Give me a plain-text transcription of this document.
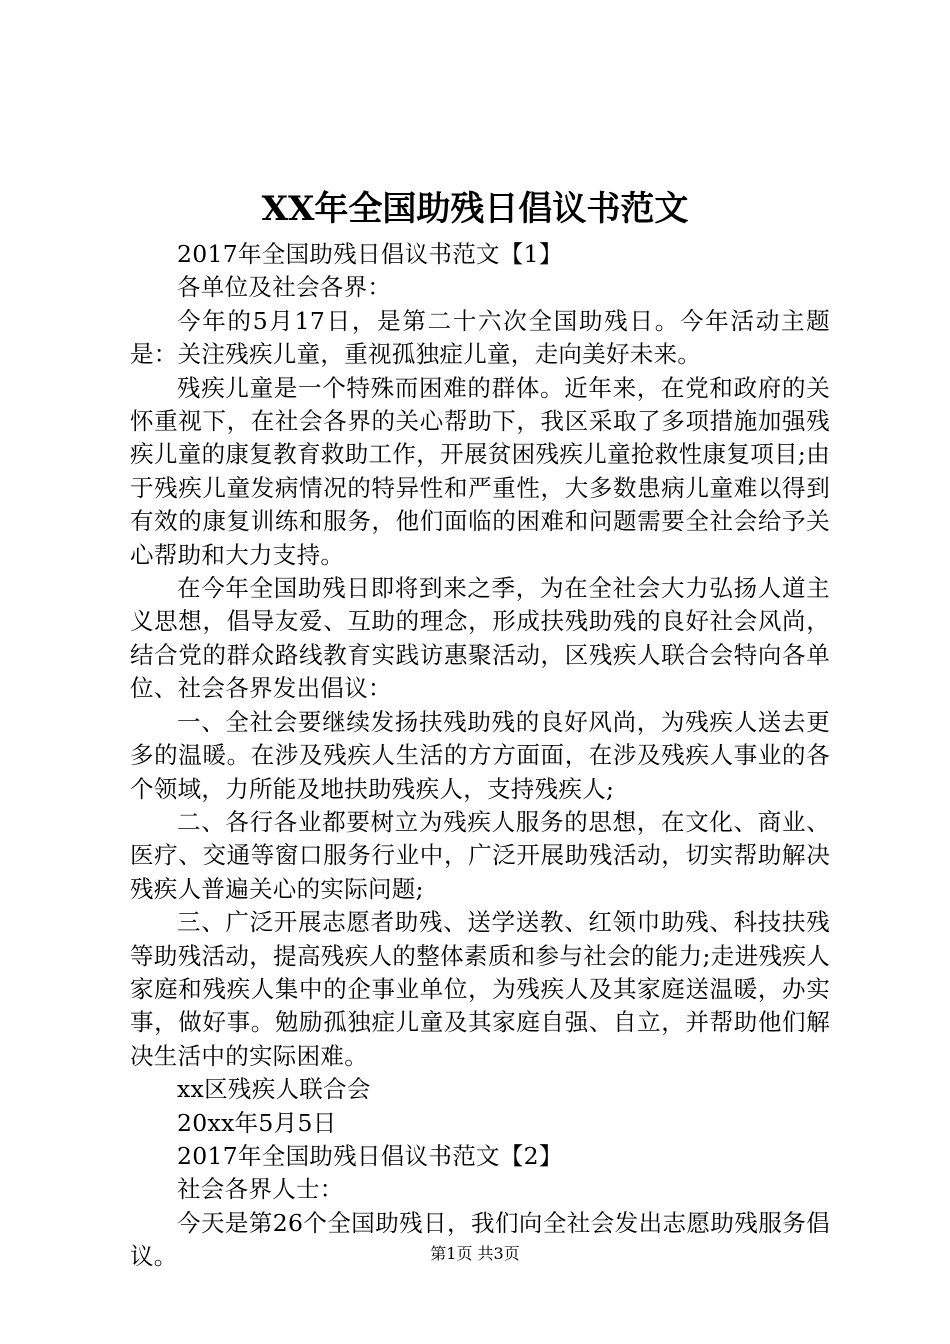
XX年全国助残日倡议书范文

2017年全国助残日倡议书范文【1】

各单位及社会各界：

今年的5月17日，是第二十六次全国助残日。今年活动主题是：关注残疾儿童，重视孤独症儿童，走向美好未来。

残疾儿童是一个特殊而困难的群体。近年来，在党和政府的关怀重视下，在社会各界的关心帮助下，我区采取了多项措施加强残疾儿童的康复教育救助工作，开展贫困残疾儿童抢救性康复项目;由于残疾儿童发病情况的特异性和严重性，大多数患病儿童难以得到有效的康复训练和服务，他们面临的困难和问题需要全社会给予关心帮助和大力支持。

在今年全国助残日即将到来之季，为在全社会大力弘扬人道主义思想，倡导友爱、互助的理念，形成扶残助残的良好社会风尚，结合党的群众路线教育实践访惠聚活动，区残疾人联合会特向各单位、社会各界发出倡议：

一、全社会要继续发扬扶残助残的良好风尚，为残疾人送去更多的温暖。在涉及残疾人生活的方方面面，在涉及残疾人事业的各个领域，力所能及地扶助残疾人，支持残疾人;

二、各行各业都要树立为残疾人服务的思想，在文化、商业、医疗、交通等窗口服务行业中，广泛开展助残活动，切实帮助解决残疾人普遍关心的实际问题;

三、广泛开展志愿者助残、送学送教、红领巾助残、科技扶残等助残活动，提高残疾人的整体素质和参与社会的能力;走进残疾人家庭和残疾人集中的企事业单位，为残疾人及其家庭送温暖，办实事，做好事。勉励孤独症儿童及其家庭自强、自立，并帮助他们解决生活中的实际困难。

xx区残疾人联合会

20xx年5月5日

2017年全国助残日倡议书范文【2】

社会各界人士：

今天是第26个全国助残日，我们向全社会发出志愿助残服务倡议。	第1页 共3页
